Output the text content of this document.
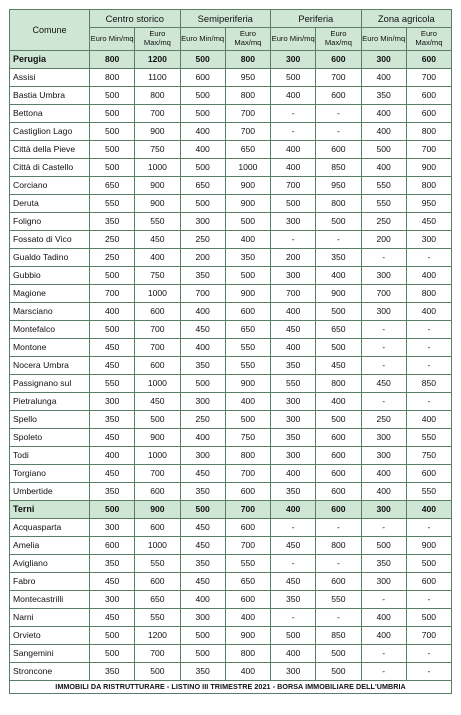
Comune	Centro storico		Semiperiferia		Periferia		Zona agricola	
	Euro Min/mq	Euro Max/mq	Euro Min/mq	Euro Max/mq	Euro Min/mq	Euro Max/mq	Euro Min/mq	Euro Max/mq
Perugia	800	1200	500	800	300	600	300	600
Assisi	800	1100	600	950	500	700	400	700
Bastia Umbra	500	800	500	800	400	600	350	600
Bettona	500	700	500	700	-	-	400	600
Castiglion Lago	500	900	400	700	-	-	400	800
Città della Pieve	500	750	400	650	400	600	500	700
Città di Castello	500	1000	500	1000	400	850	400	900
Corciano	650	900	650	900	700	950	550	800
Deruta	550	900	500	900	500	800	550	950
Foligno	350	550	300	500	300	500	250	450
Fossato di Vico	250	450	250	400	-	-	200	300
Gualdo Tadino	250	400	200	350	200	350	-	-
Gubbio	500	750	350	500	300	400	300	400
Magione	700	1000	700	900	700	900	700	800
Marsciano	400	600	400	600	400	500	300	400
Montefalco	500	700	450	650	450	650	-	-
Montone	450	700	400	550	400	500	-	-
Nocera Umbra	450	600	350	550	350	450	-	-
Passignano sul	550	1000	500	900	550	800	450	850
Pietralunga	300	450	300	400	300	400	-	-
Spello	350	500	250	500	300	500	250	400
Spoleto	450	900	400	750	350	600	300	550
Todi	400	1000	300	800	300	600	300	750
Torgiano	450	700	450	700	400	600	400	600
Umbertide	350	600	350	600	350	600	400	550
Terni	500	900	500	700	400	600	300	400
Acquasparta	300	600	450	600	-	-	-	-
Amelia	600	1000	450	700	450	800	500	900
Avigliano	350	550	350	550	-	-	350	500
Fabro	450	600	450	650	450	600	300	600
Montecastrilli	300	650	400	600	350	550	-	-
Narni	450	550	300	400	-	-	400	500
Orvieto	500	1200	500	900	500	850	400	700
Sangemini	500	700	500	800	400	500	-	-
Stroncone	350	500	350	400	300	500	-	-
IMMOBILI DA RISTRUTTURARE - LISTINO III TRIMESTRE 2021 - BORSA IMMOBILIARE DELL'UMBRIA								
